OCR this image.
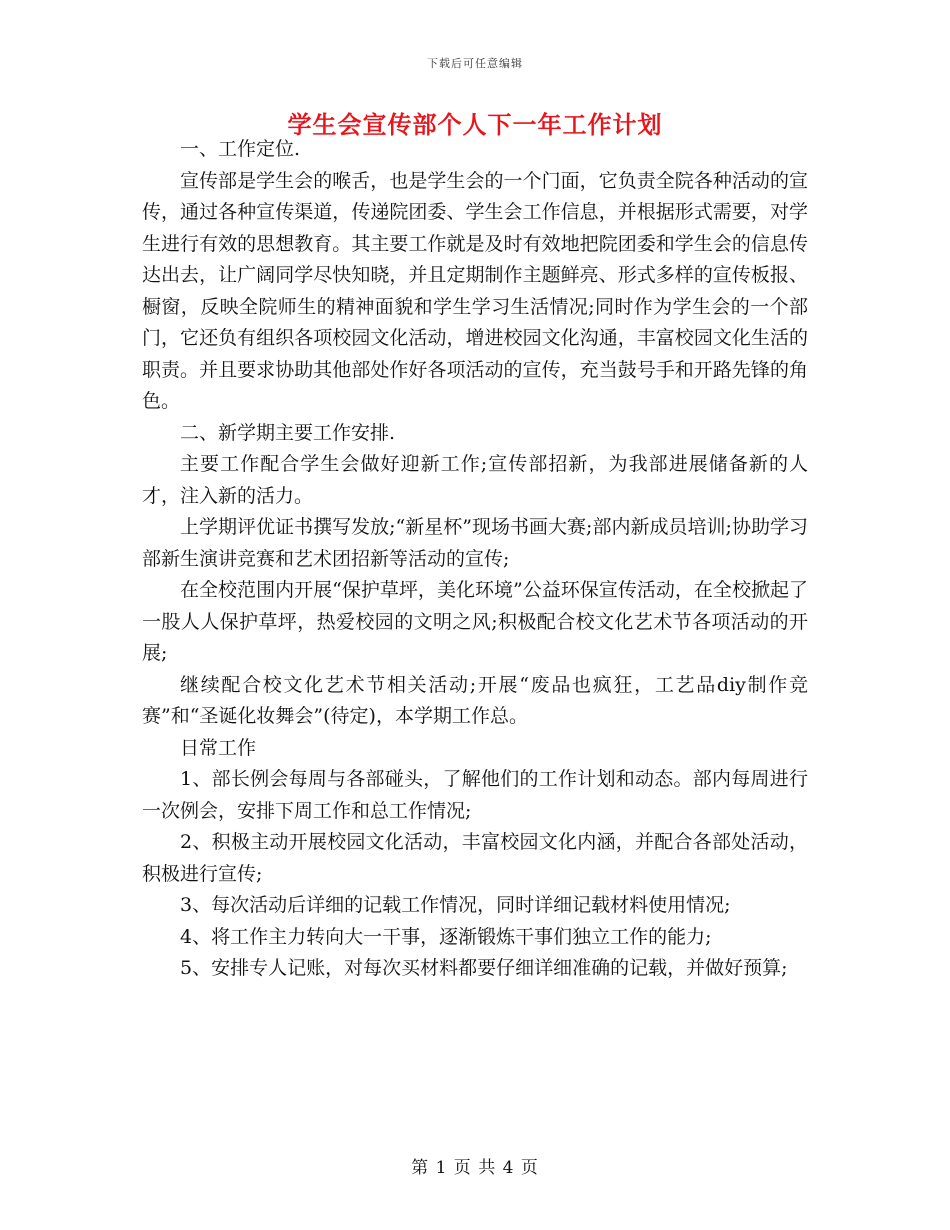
下载后可任意编辑
学生会宣传部个人下一年工作计划

一、工作定位.

宣传部是学生会的喉舌，也是学生会的一个门面，它负责全院各种活动的宣传，通过各种宣传渠道，传递院团委、学生会工作信息，并根据形式需要，对学生进行有效的思想教育。其主要工作就是及时有效地把院团委和学生会的信息传达出去，让广阔同学尽快知晓，并且定期制作主题鲜亮、形式多样的宣传板报、橱窗，反映全院师生的精神面貌和学生学习生活情况;同时作为学生会的一个部门，它还负有组织各项校园文化活动，增进校园文化沟通，丰富校园文化生活的职责。并且要求协助其他部处作好各项活动的宣传，充当鼓号手和开路先锋的角色。

二、新学期主要工作安排.

主要工作配合学生会做好迎新工作;宣传部招新，为我部进展储备新的人才，注入新的活力。

上学期评优证书撰写发放;“新星杯”现场书画大赛;部内新成员培训;协助学习部新生演讲竞赛和艺术团招新等活动的宣传;

在全校范围内开展“保护草坪，美化环境”公益环保宣传活动，在全校掀起了一股人人保护草坪，热爱校园的文明之风;积极配合校文化艺术节各项活动的开展;

继续配合校文化艺术节相关活动;开展“废品也疯狂，工艺品diy制作竞赛”和“圣诞化妆舞会”(待定)，本学期工作总。

日常工作

1、部长例会每周与各部碰头，了解他们的工作计划和动态。部内每周进行一次例会，安排下周工作和总工作情况;

2、积极主动开展校园文化活动，丰富校园文化内涵，并配合各部处活动，积极进行宣传;

3、每次活动后详细的记载工作情况，同时详细记载材料使用情况;

4、将工作主力转向大一干事，逐渐锻炼干事们独立工作的能力;

5、安排专人记账，对每次买材料都要仔细详细准确的记载，并做好预算;

第 1 页 共 4 页
